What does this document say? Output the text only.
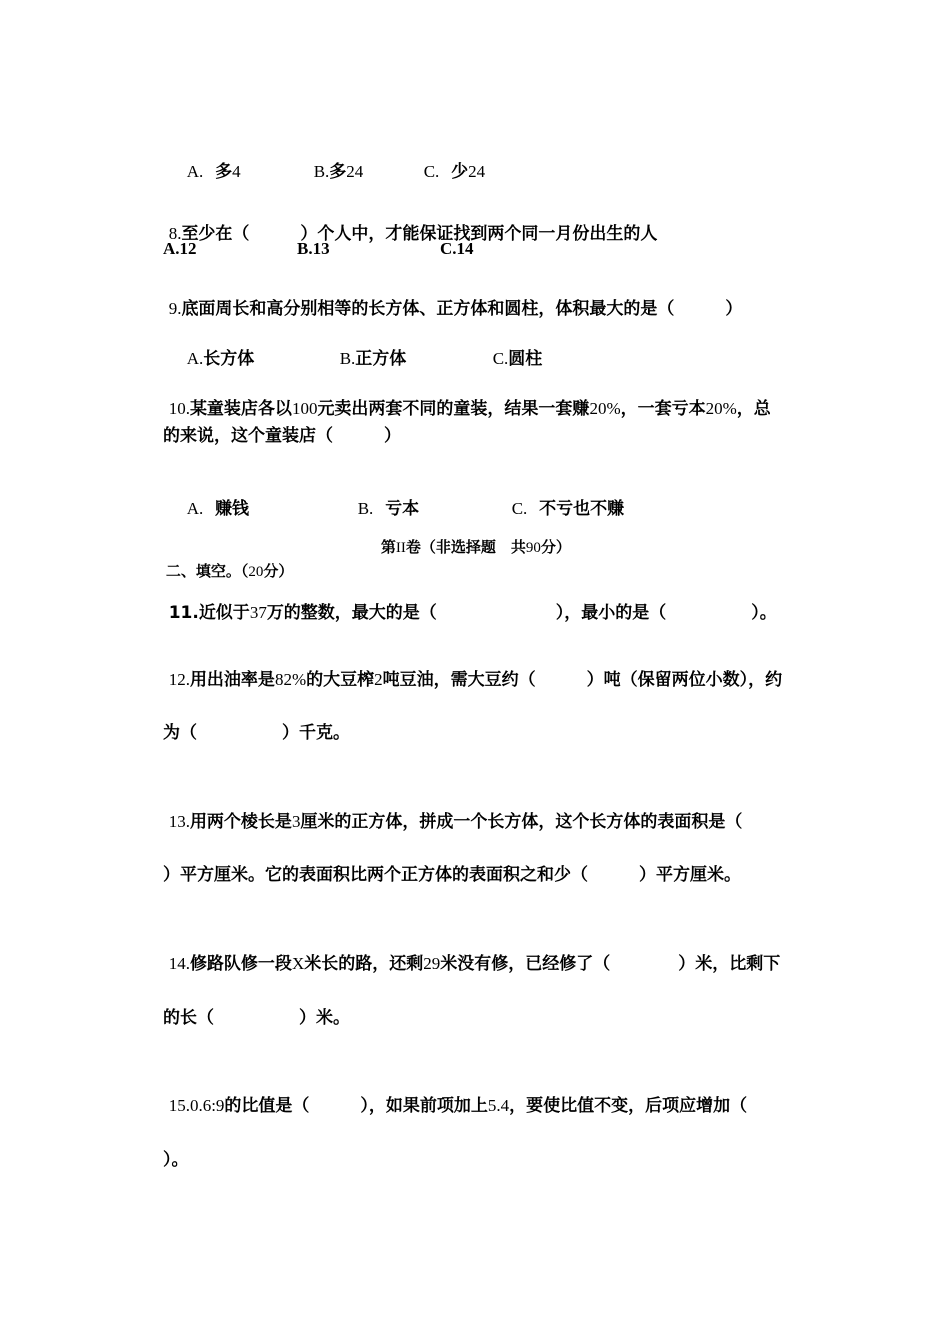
A. 多4
	B.多24
	C. 少24

8.至少在（　　　）个人中，才能保证找到两个同一月份出生的人

A.12	B.13	C.14

9.底面周长和高分别相等的长方体、正方体和圆柱，体积最大的是（　　　）

A.长方体
	B.正方体
	C.圆柱

10.某童装店各以100元卖出两套不同的童装，结果一套赚20%，一套亏本20%，总

的来说，这个童装店（　　　）

A. 赚钱
	B. 亏本
	C. 不亏也不赚

第II卷（非选择题　共90分）

二、填空。（20分）

11.近似于37万的整数，最大的是（　　　　　　　），最小的是（　　　　　）。

12.用出油率是82%的大豆榨2吨豆油，需大豆约（　　　）吨（保留两位小数），约

为（　　　　　）千克。

13.用两个棱长是3厘米的正方体，拼成一个长方体，这个长方体的表面积是（

）平方厘米。它的表面积比两个正方体的表面积之和少（　　　）平方厘米。

14.修路队修一段X米长的路，还剩29米没有修，已经修了（　　　　）米，比剩下

的长（　　　　　）米。

15.0.6:9的比值是（　　　），如果前项加上5.4，要使比值不变，后项应增加（

）。
